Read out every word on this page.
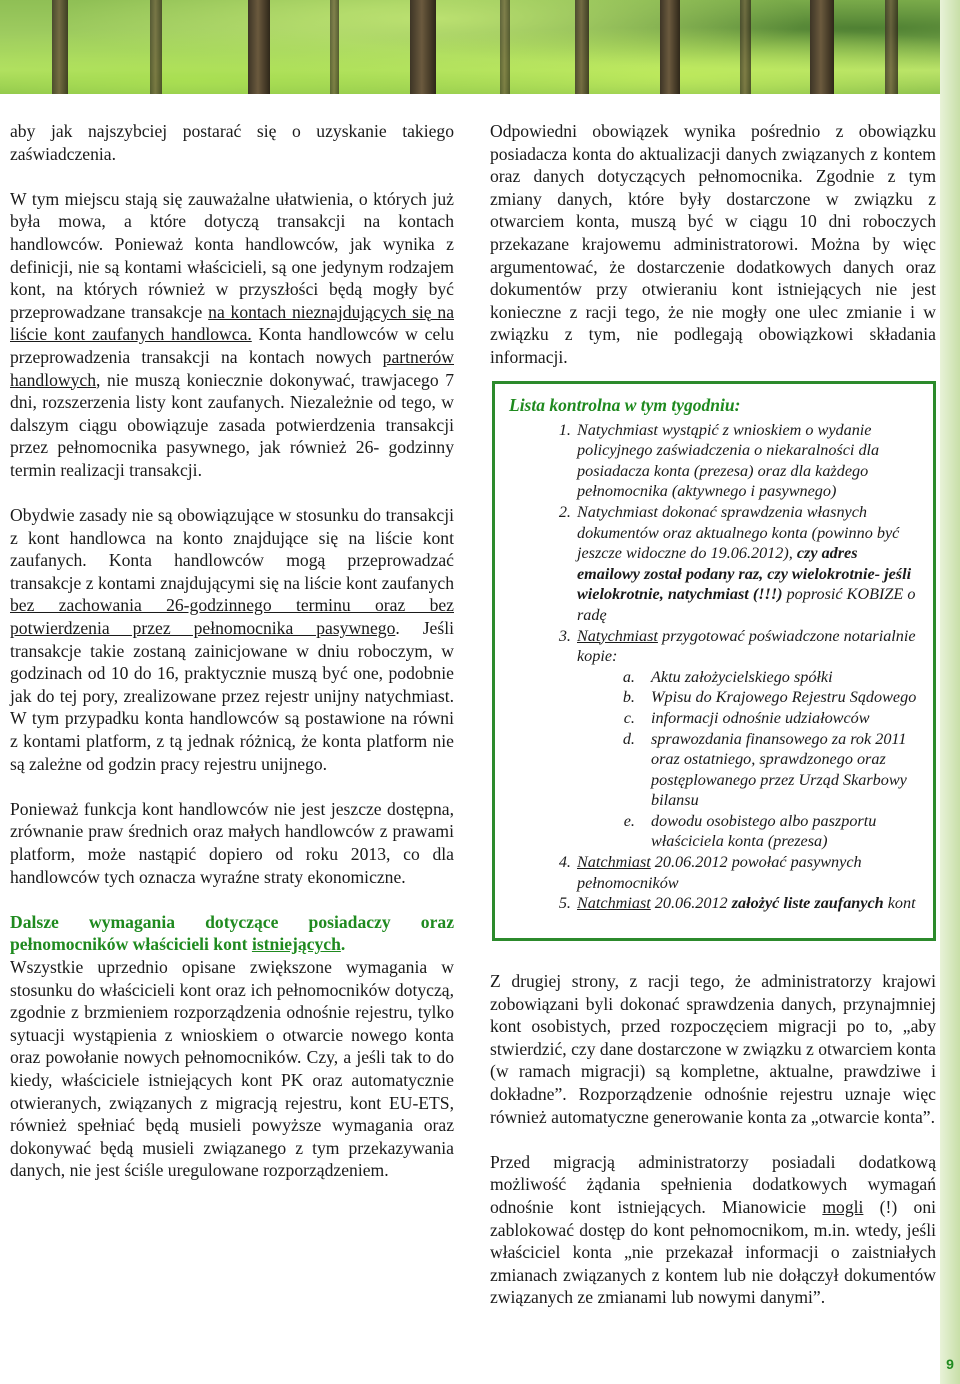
aby jak najszybciej postarać się o uzyskanie takiego zaświadczenia.

W tym miejscu stają się zauważalne ułatwienia, o których już była mowa, a które dotyczą transakcji na kontach handlowców. Ponieważ konta handlowców, jak wynika z definicji, nie są kontami właścicieli, są one jedynym rodzajem kont, na których również w przyszłości będą mogły być przeprowadzane transakcje na kontach nieznajdujących się na liście kont zaufanych handlowca. Konta handlowców w celu przeprowadzenia transakcji na kontach nowych partnerów handlowych, nie muszą koniecznie dokonywać, trawjacego 7 dni, rozszerzenia listy kont zaufanych. Niezależnie od tego, w dalszym ciągu obowiązuje zasada potwierdzenia transakcji przez pełnomocnika pasywnego, jak również 26- godzinny termin realizacji transakcji.

Obydwie zasady nie są obowiązujące w stosunku do transakcji z kont handlowca na konto znajdujące się na liście kont zaufanych. Konta handlowców mogą przeprowadzać transakcje z kontami znajdującymi się na liście kont zaufanych bez zachowania 26-godzinnego terminu oraz bez potwierdzenia przez pełnomocnika pasywnego. Jeśli transakcje takie zostaną zainicjowane w dniu roboczym, w godzinach od 10 do 16, praktycznie muszą być one, podobnie jak do tej pory, zrealizowane przez rejestr unijny natychmiast. W tym przypadku konta handlowców są postawione na równi z kontami platform, z tą jednak różnicą, że konta platform nie są zależne od godzin pracy rejestru unijnego.

Ponieważ funkcja kont handlowców nie jest jeszcze dostępna, zrównanie praw średnich oraz małych handlowców z prawami platform, może nastąpić dopiero od roku 2013, co dla handlowców tych oznacza wyraźne straty ekonomiczne.

Dalsze wymagania dotyczące posiadaczy oraz pełnomocników właścicieli kont istniejących.

Wszystkie uprzednio opisane zwiększone wymagania w stosunku do właścicieli kont oraz ich pełnomocników dotyczą, zgodnie z brzmieniem rozporządzenia odnośnie rejestru, tylko sytuacji wystąpienia z wnioskiem o otwarcie nowego konta oraz powołanie nowych pełnomocników. Czy, a jeśli tak to do kiedy, właściciele istniejących kont PK oraz automatycznie otwieranych, związanych z migracją rejestru, kont EU-ETS, również spełniać będą musieli powyższe wymagania oraz dokonywać będą musieli związanego z tym przekazywania danych, nie jest ściśle uregulowane rozporządzeniem.

Odpowiedni obowiązek wynika pośrednio z obowiązku posiadacza konta do aktualizacji danych związanych z kontem oraz danych dotyczących pełnomocnika. Zgodnie z tym zmiany danych, które były dostarczone w związku z otwarciem konta, muszą być w ciągu 10 dni roboczych przekazane krajowemu administratorowi. Można by więc argumentować, że dostarczenie dodatkowych danych oraz dokumentów przy otwieraniu kont istniejących nie jest konieczne z racji tego, że nie mogły one ulec zmianie i w związku z tym, nie podlegają obowiązkowi składania informacji.

Lista kontrolna w tym tygodniu:
1. Natychmiast wystąpić z wnioskiem o wydanie policyjnego zaświadczenia o niekaralności dla posiadacza konta (prezesa) oraz dla każdego pełnomocnika (aktywnego i pasywnego)
2. Natychmiast dokonać sprawdzenia własnych dokumentów oraz aktualnego konta (powinno być jeszcze widoczne do 19.06.2012), czy adres emailowy został podany raz, czy wielokrotnie- jeśli wielokrotnie, natychmiast (!!!) poprosić KOBIZE o radę
3. Natychmiast przygotować poświadczone notarialnie kopie:
a. Aktu założycielskiego spółki
b. Wpisu do Krajowego Rejestru Sądowego
c. informacji odnośnie udziałowców
d. sprawozdania finansowego za rok 2011 oraz ostatniego, sprawdzonego oraz postęplowanego przez Urząd Skarbowy bilansu
e. dowodu osobistego albo paszportu właściciela konta (prezesa)
4. Natchmiast 20.06.2012 powołać pasywnych pełnomocników
5. Natchmiast 20.06.2012 założyć liste zaufanych kont

Z drugiej strony, z racji tego, że administratorzy krajowi zobowiązani byli dokonać sprawdzenia danych, przynajmniej kont osobistych, przed rozpoczęciem migracji po to, „aby stwierdzić, czy dane dostarczone w związku z otwarciem konta (w ramach migracji) są kompletne, aktualne, prawdziwe i dokładne”. Rozporządzenie odnośnie rejestru uznaje więc również automatyczne generowanie konta za „otwarcie konta”.

Przed migracją administratorzy posiadali dodatkową możliwość żądania spełnienia dodatkowych wymagań odnośnie kont istniejących. Mianowicie mogli (!) oni zablokować dostęp do kont pełnomocnikom, m.in. wtedy, jeśli właściciel konta „nie przekazał informacji o zaistniałych zmianach związanych z kontem lub nie dołączył dokumentów związanych ze zmianami lub nowymi danymi”.

9
